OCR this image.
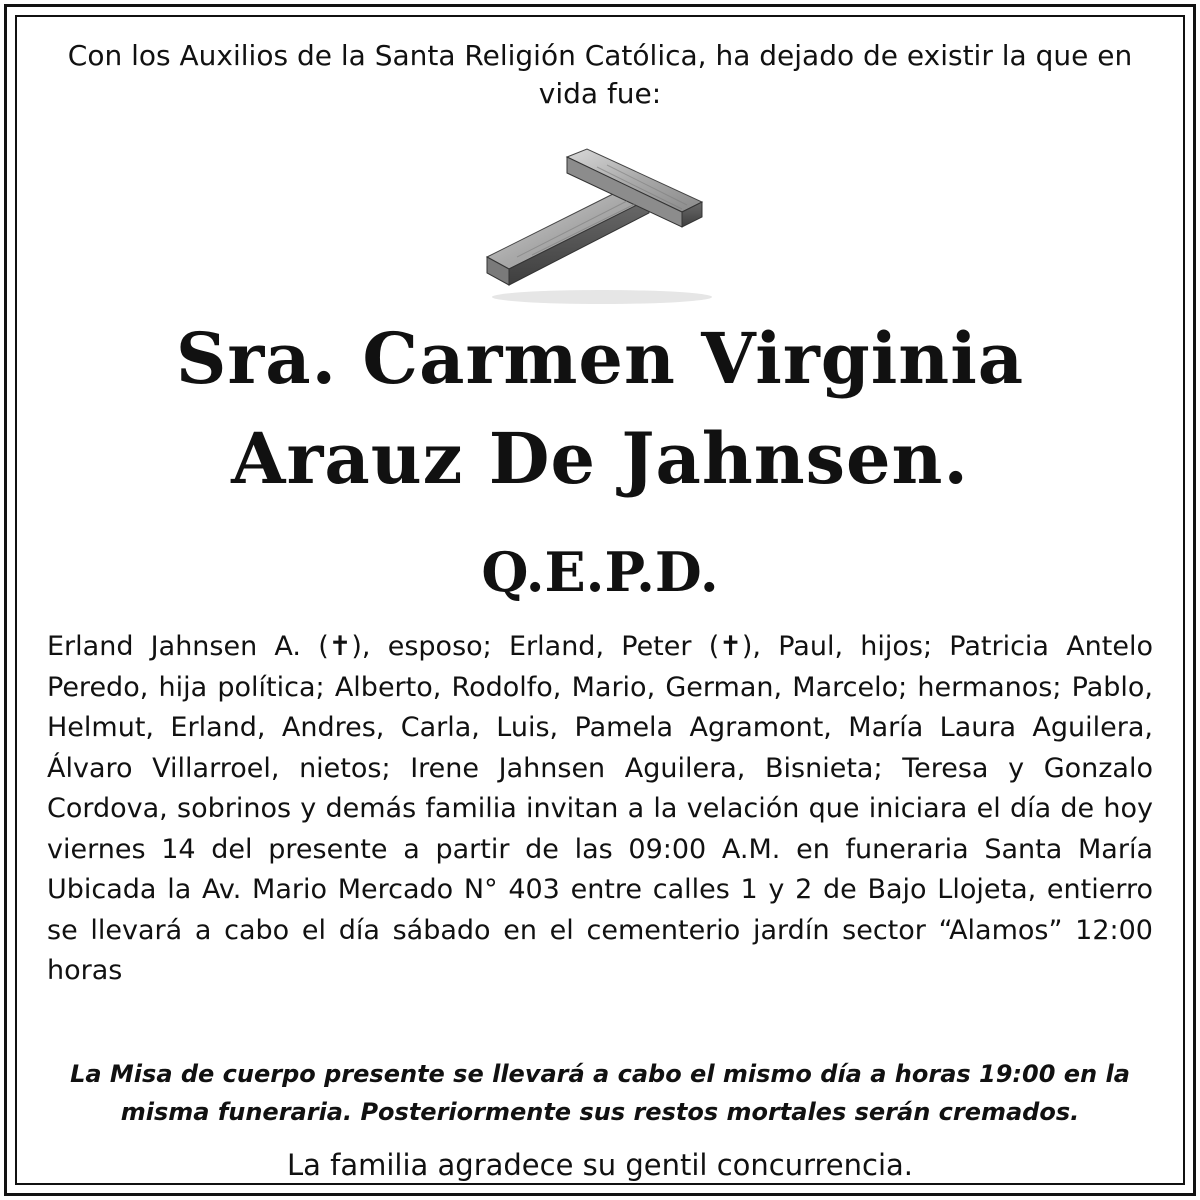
Con los Auxilios de la Santa Religión Católica, ha dejado de existir la que en vida fue:
Sra. Carmen Virginia
Arauz De Jahnsen.
Q.E.P.D.
Erland Jahnsen A. (✝), esposo; Erland, Peter (✝), Paul, hijos; Patricia Antelo Peredo, hija política; Alberto, Rodolfo, Mario, German, Marcelo; hermanos; Pablo, Helmut, Erland, Andres, Carla, Luis, Pamela Agramont, María Laura Aguilera, Álvaro Villarroel, nietos; Irene Jahnsen Aguilera, Bisnieta; Teresa y Gonzalo Cordova, sobrinos y demás familia invitan a la velación que iniciara el día de hoy viernes 14 del presente a partir de las 09:00 A.M. en funeraria Santa María Ubicada la Av. Mario Mercado N° 403 entre calles 1 y 2 de Bajo Llojeta, entierro se llevará a cabo el día sábado en el cementerio jardín sector “Alamos” 12:00 horas
La Misa de cuerpo presente se llevará a cabo el mismo día a horas 19:00 en la misma funeraria. Posteriormente sus restos mortales serán cremados.
La familia agradece su gentil concurrencia.
